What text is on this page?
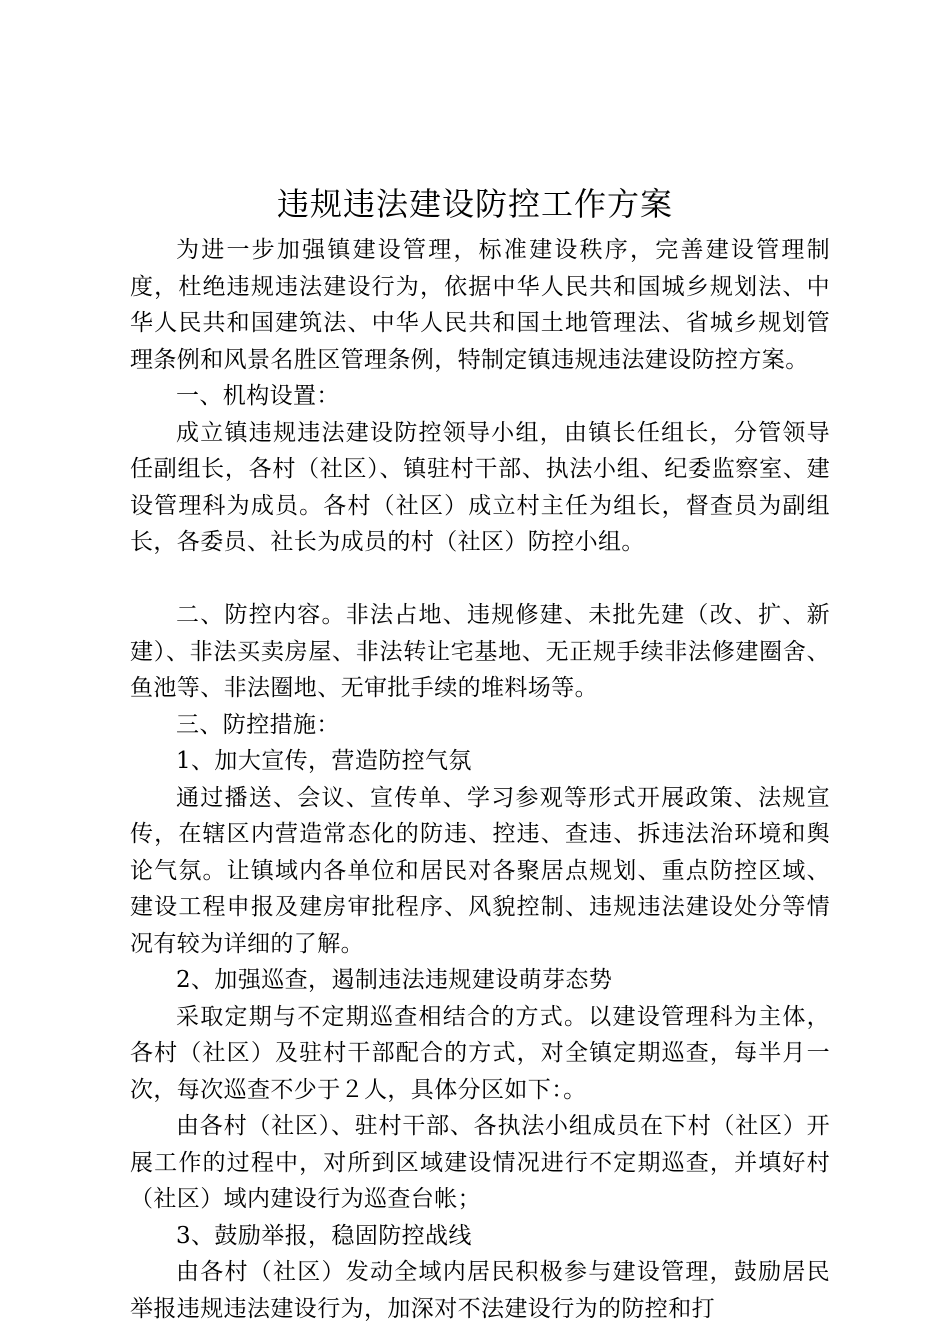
违规违法建设防控工作方案

为进一步加强镇建设管理，标准建设秩序，完善建设管理制度，杜绝违规违法建设行为，依据中华人民共和国城乡规划法、中华人民共和国建筑法、中华人民共和国土地管理法、省城乡规划管理条例和风景名胜区管理条例，特制定镇违规违法建设防控方案。

一、机构设置：

成立镇违规违法建设防控领导小组，由镇长任组长，分管领导任副组长，各村（社区）、镇驻村干部、执法小组、纪委监察室、建设管理科为成员。各村（社区）成立村主任为组长，督查员为副组长，各委员、社长为成员的村（社区）防控小组。

二、防控内容。非法占地、违规修建、未批先建（改、扩、新建）、非法买卖房屋、非法转让宅基地、无正规手续非法修建圈舍、鱼池等、非法圈地、无审批手续的堆料场等。

三、防控措施：

1、加大宣传，营造防控气氛

通过播送、会议、宣传单、学习参观等形式开展政策、法规宣传，在辖区内营造常态化的防违、控违、查违、拆违法治环境和舆论气氛。让镇域内各单位和居民对各聚居点规划、重点防控区域、建设工程申报及建房审批程序、风貌控制、违规违法建设处分等情况有较为详细的了解。

2、加强巡查，遏制违法违规建设萌芽态势

采取定期与不定期巡查相结合的方式。以建设管理科为主体，各村（社区）及驻村干部配合的方式，对全镇定期巡查，每半月一次，每次巡查不少于２人，具体分区如下：。

由各村（社区）、驻村干部、各执法小组成员在下村（社区）开展工作的过程中，对所到区域建设情况进行不定期巡查，并填好村（社区）域内建设行为巡查台帐；

3、鼓励举报，稳固防控战线

由各村（社区）发动全域内居民积极参与建设管理，鼓励居民举报违规违法建设行为，加深对不法建设行为的防控和打
